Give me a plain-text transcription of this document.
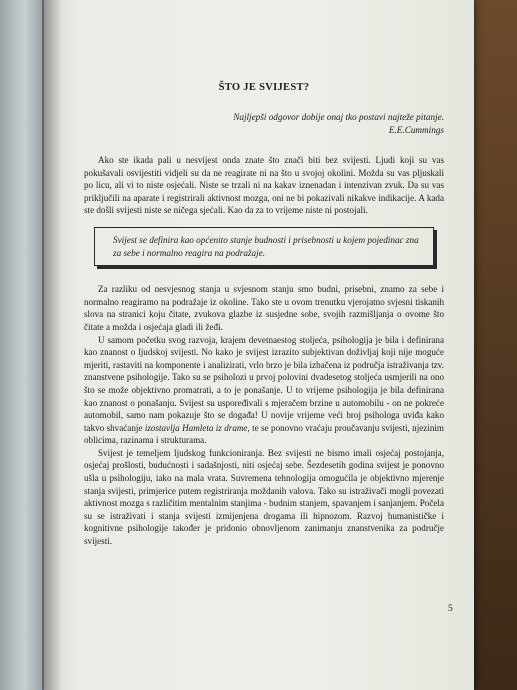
ŠTO JE SVIJEST?
Najljepši odgovor dobije onaj tko postavi najteže pitanje.
E.E.Cummings

Ako ste ikada pali u nesvijest onda znate što znači biti bez svijesti. Ljudi koji su vas pokušavali osvijestiti vidjeli su da ne reagirate ni na što u svojoj okolini. Možda su vas pljuskali po licu, ali vi to niste osjećali. Niste se trzali ni na kakav iznenadan i intenzivan zvuk. Da su vas priključili na aparate i registrirali aktivnost mozga, oni ne bi pokazivali nikakve indikacije. A kada ste došli svijesti niste se ničega sjećali. Kao da za to vrijeme niste ni postojali.

Svijest se definira kao općenito stanje budnosti i prisebnosti u kojem pojedinac zna za sebe i normalno reagira na podražaje.

Za razliku od nesvjesnog stanja u svjesnom stanju smo budni, prisebni, znamo za sebe i normalno reagiramo na podražaje iz okoline. Tako ste u ovom trenutku vjerojatno svjesni tiskanih slova na stranici koju čitate, zvukova glazbe iz susjedne sobe, svojih razmišljanja o ovome što čitate a možda i osjećaja gladi ili žeđi.

U samom početku svog razvoja, krajem devetnaestog stoljeća, psihologija je bila i definirana kao znanost o ljudskoj svijesti. No kako je svijest izrazito subjektivan doživljaj koji nije moguće mjeriti, rastaviti na komponente i analizirati, vrlo brzo je bila izbačena iz područja istraživanja tzv. znanstvene psihologije. Tako su se psiholozi u prvoj polovini dvadesetog stoljeća usmjerili na ono što se može objektivno promatrati, a to je ponašanje. U to vrijeme psihologija je bila definirana kao znanost o ponašanju. Svijest su uspoređivali s mjeračem brzine u automobilu - on ne pokreće automobil, samo nam pokazuje što se događa! U novije vrijeme veći broj psihologa uviđa kako takvo shvaćanje izostavlja Hamleta iz drame, te se ponovno vraćaju proučavanju svijesti, njezinim oblicima, razinama i strukturama.

Svijest je temeljem ljudskog funkcioniranja. Bez svijesti ne bismo imali osjećaj postojanja, osjećaj prošlosti, budućnosti i sadašnjosti, niti osjećaj sebe. Šezdesetih godina svijest je ponovno ušla u psihologiju, iako na mala vrata. Suvremena tehnologija omogućila je objektivno mjerenje stanja svijesti, primjerice putem registriranja moždanih valova. Tako su istraživači mogli povezati aktivnost mozga s različitim mentalnim stanjima - budnim stanjem, spavanjem i sanjanjem. Počela su se istraživati i stanja svijesti izmijenjena drogama ili hipnozom. Razvoj humanističke i kognitivne psihologije također je pridonio obnovljenom zanimanju znanstvenika za područje svijesti.

5
